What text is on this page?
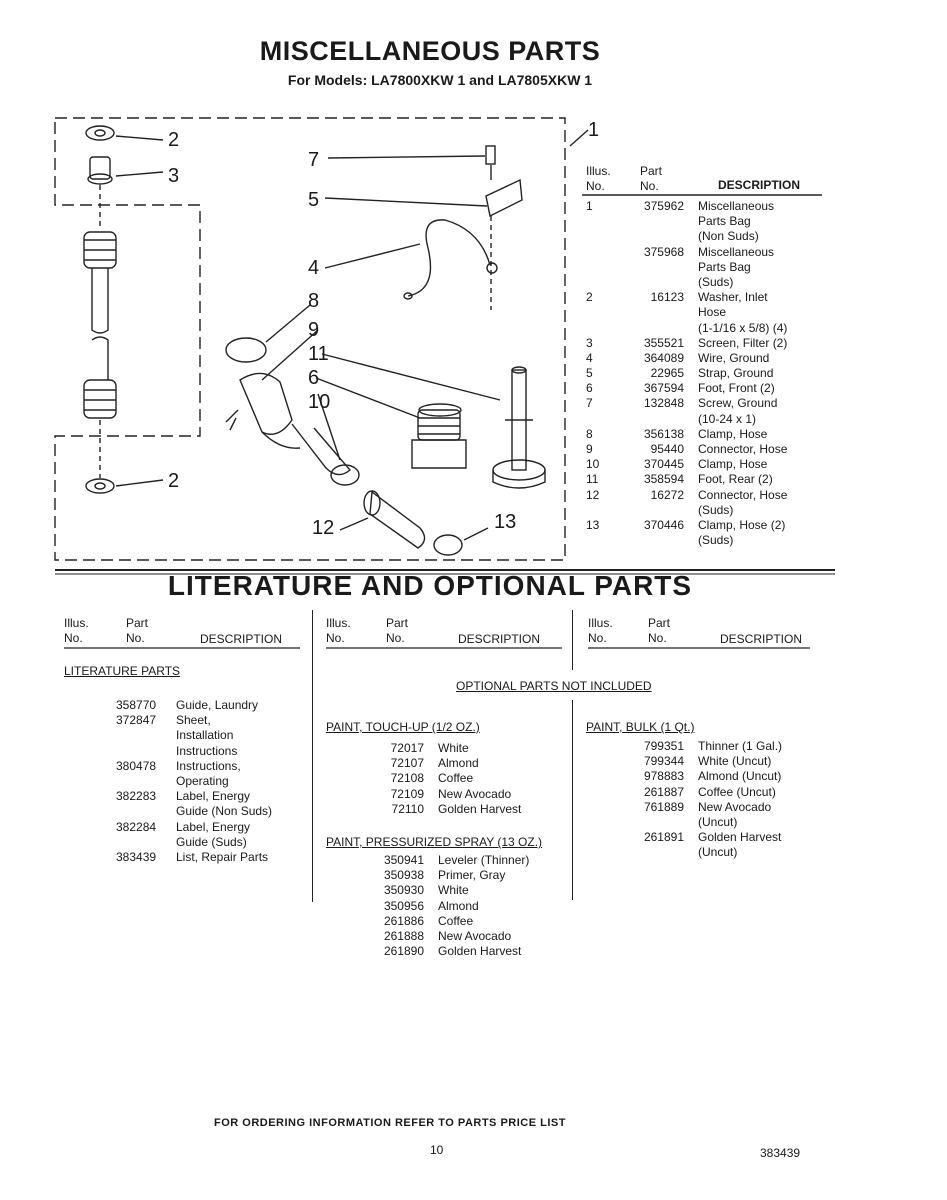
MISCELLANEOUS PARTS
For Models: LA7800XKW 1 and LA7805XKW 1
1
2
3
7
5
4
8
9
11
6
10
2
12	13
Illus. No.
Part No.	DESCRIPTION
1	375962 Miscellaneous
Parts Bag
(Non Suds)
375968 Miscellaneous
Parts Bag
(Suds)
2	16123 Washer, Inlet
Hose
(1-1/16 x 5/8) (4)
3	355521 Screen, Filter (2)
4	364089 Wire, Ground
5	22965 Strap, Ground
6	367594 Foot, Front (2)
7	132848 Screw, Ground
(10-24 x 1)
8	356138 Clamp, Hose
9	95440 Connector, Hose
10	370445 Clamp, Hose
11	358594 Foot, Rear (2)
12	16272 Connector, Hose
(Suds)
13	370446 Clamp, Hose (2)
(Suds)
LITERATURE AND OPTIONAL PARTS
Illus. No.
Part No.	DESCRIPTION
Illus. No.
Part No.	DESCRIPTION
Illus. No.
Part No.	DESCRIPTION
LITERATURE PARTS
358770 Guide, Laundry
372847 Sheet,
Installation
Instructions
380478 Instructions,
Operating
382283 Label, Energy
Guide (Non Suds)
382284 Label, Energy
Guide (Suds)
383439 List, Repair Parts
OPTIONAL PARTS NOT INCLUDED
PAINT, TOUCH-UP (1/2 OZ.)
72017 White
72107 Almond
72108 Coffee
72109 New Avocado
72110 Golden Harvest
PAINT, PRESSURIZED SPRAY (13 OZ.)
350941 Leveler (Thinner)
350938 Primer, Gray
350930 White
350956 Almond
261886 Coffee
261888 New Avocado
261890 Golden Harvest
PAINT, BULK (1 Qt.)
799351 Thinner (1 Gal.)
799344 White (Uncut)
978883 Almond (Uncut)
261887 Coffee (Uncut)
761889 New Avocado
(Uncut)
261891 Golden Harvest
(Uncut)
FOR ORDERING INFORMATION REFER TO PARTS PRICE LIST
10	383439
